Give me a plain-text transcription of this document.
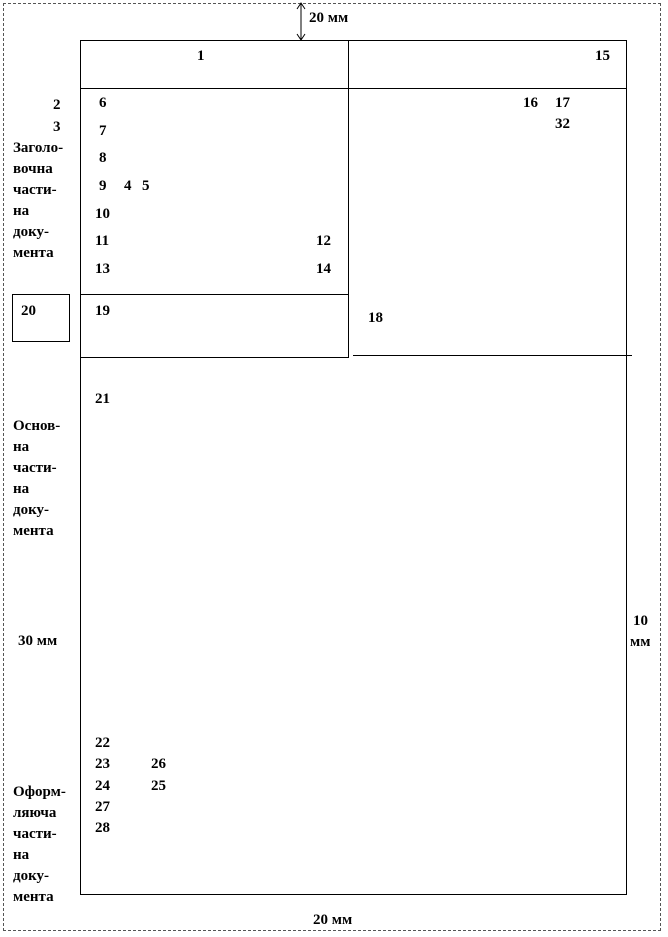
20 мм
20 мм
30 мм
10
мм
Заголо-
вочна
части-
на
доку-
мента
Основ-
на
части-
на
доку-
мента
Оформ-
ляюча
части-
на
доку-
мента
1	15
2
3
6
7
8
9 4 5
10
11	12
13	14
16 17
32
20	19	18
21
22
23	26
24	25
27
28
